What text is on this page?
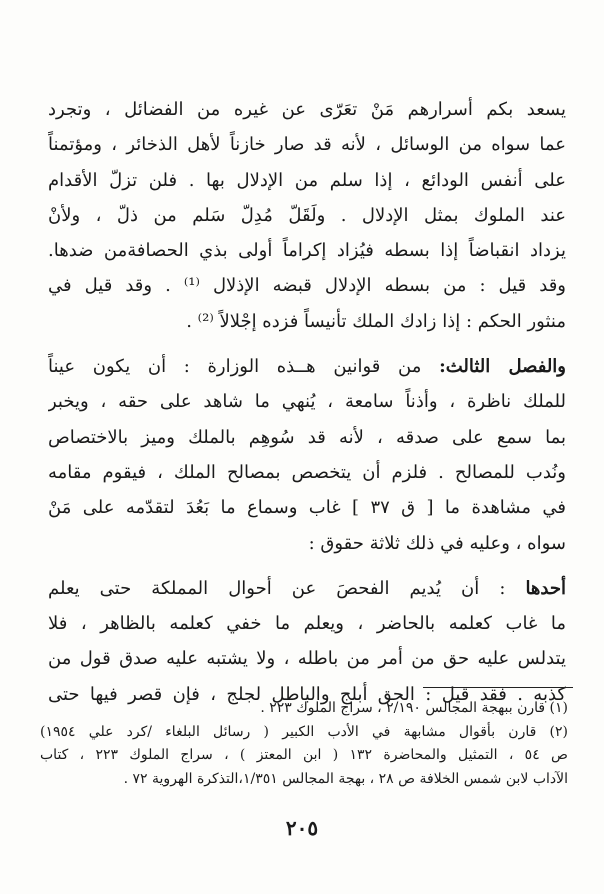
يسعد بكم أسرارهم مَنْ تعَرّى عن غيره من الفضائل ، وتجرد
عما سواه من الوسائل ، لأنه قد صار خازناً لأهل الذخائر ، ومؤتمناً
على أنفس الودائع ، إذا سلم من الإدلال بها . فلن تزلّ الأقدام
عند الملوك بمثل الإدلال . ولَقَلّ مُدِلّ سَلم من ذلّ ، ولأنْ
يزداد انقباضاً إذا بسطه فيُزاد إكراماً أولى بذي الحصافةمن ضدها.
وقد قيل : من بسطه الإدلال قبضه الإذلال ⁽¹⁾ . وقد قيل في
منثور الحكم : إذا زادك الملك تأنيساً فزده إجْلالاً ⁽²⁾ .
والفصل الثالث: من قوانين هــذه الوزارة : أن يكون عيناً
للملك ناظرة ، وأذناً سامعة ، يُنهي ما شاهد على حقه ، ويخبر
بما سمع على صدقه ، لأنه قد سُوهِم بالملك وميز بالاختصاص
ونُدب للمصالح . فلزم أن يتخصص بمصالح الملك ، فيقوم مقامه
في مشاهدة ما [ ق ٣٧ ] غاب وسماع ما بَعُدَ لتقدّمه على مَنْ
سواه ، وعليه في ذلك ثلاثة حقوق :
أحدها : أن يُديم الفحصَ عن أحوال المملكة حتى يعلم
ما غاب كعلمه بالحاضر ، ويعلم ما خفي كعلمه بالظاهر ، فلا
يتدلس عليه حق من أمر من باطله ، ولا يشتبه عليه صدق قول من
كذبه . فقد قيل : الحق أبلج والباطل لجلج ، فإن قصر فيها حتى
(١) قارن ببهجة المجالس ٢/١٩٠ ، سراج الملوك ٢٢٣ .
(٢) قارن بأقوال مشابهة في الأدب الكبير ( رسائل البلغاء /كرد علي ١٩٥٤)
ص ٥٤ ، التمثيل والمحاضرة ١٣٢ ( ابن المعتز ) ، سراج الملوك ٢٢٣ ، كتاب
الآداب لابن شمس الخلافة ص ٢٨ ، بهجة المجالس ١/٣٥١،التذكرة الهروية ٧٢ .
٢٠٥
